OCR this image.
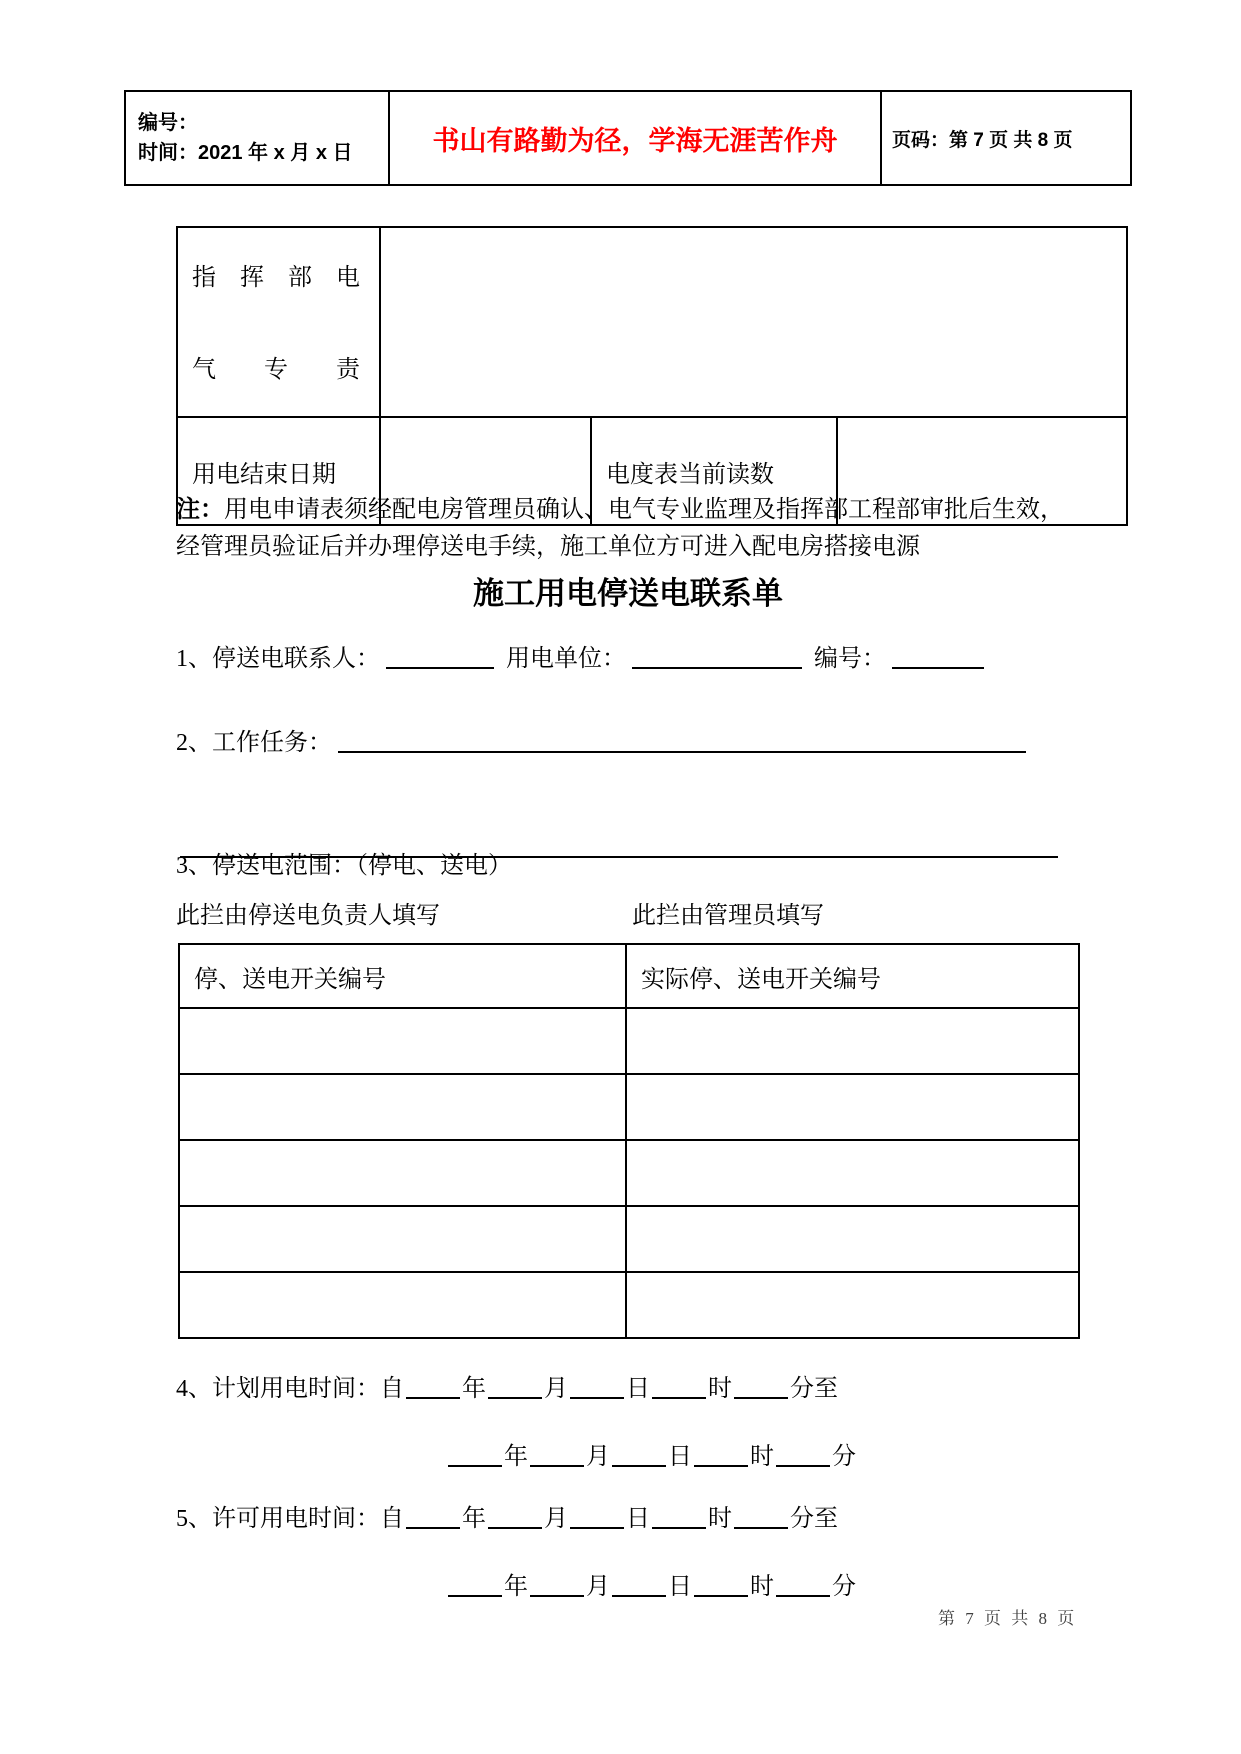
编号：
时间：2021 年 x 月 x 日	书山有路勤为径，学海无涯苦作舟	页码：第 7 页 共 8 页
指　挥　部　电
气　　专　　责			

用电结束日期		电度表当前读数	
注：用电申请表须经配电房管理员确认、电气专业监理及指挥部工程部审批后生效，
经管理员验证后并办理停送电手续，施工单位方可进入配电房搭接电源
施工用电停送电联系单
1、停送电联系人：	用电单位：	编号：
2、工作任务：
3、停送电范围：（停电、送电）
此拦由停送电负责人填写	此拦由管理员填写
停、送电开关编号	实际停、送电开关编号

4、计划用电时间：自 年 月 日 时 分至
年 月 日 时 分
5、许可用电时间：自 年 月 日 时 分至
年 月 日 时 分
第 7 页 共 8 页
